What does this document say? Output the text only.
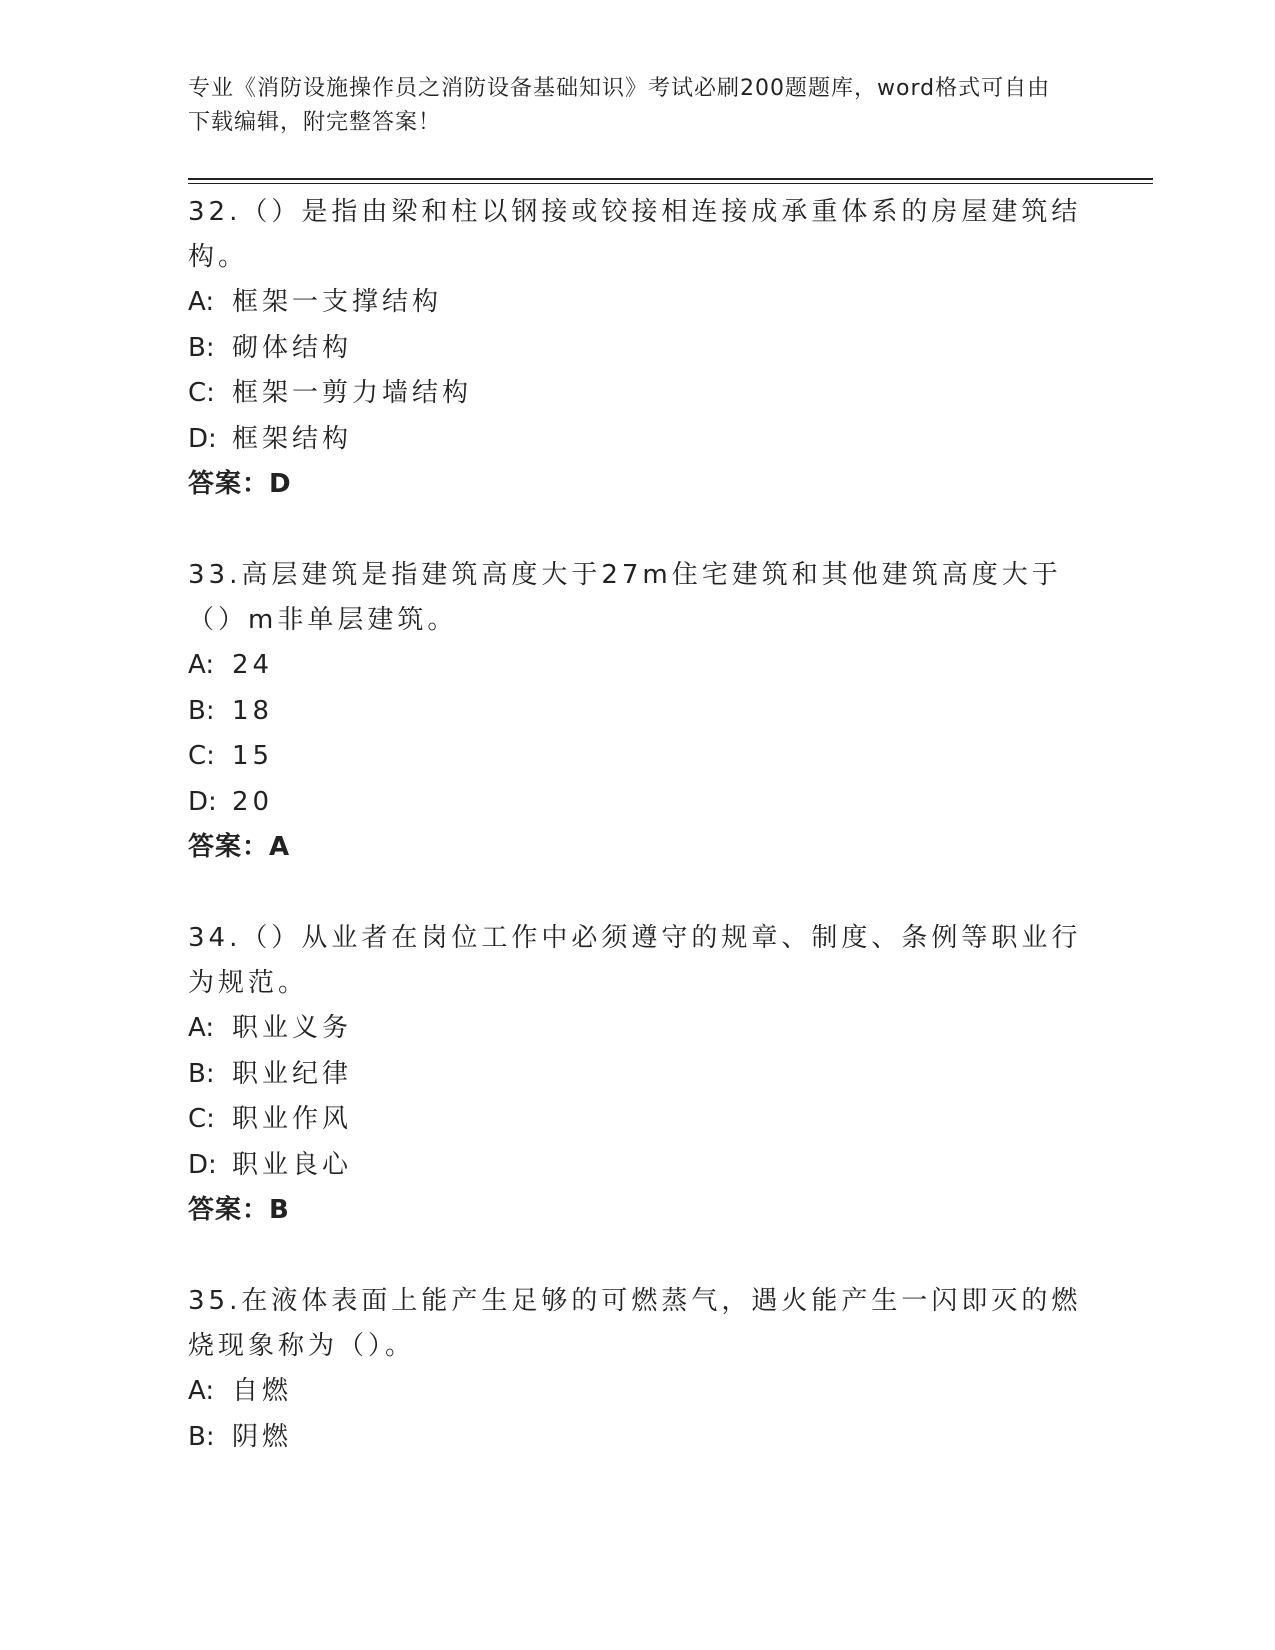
专业《消防设施操作员之消防设备基础知识》考试必刷200题题库，word格式可自由下载编辑，附完整答案！

32.（）是指由梁和柱以钢接或铰接相连接成承重体系的房屋建筑结构。

A: 框架一支撑结构

B: 砌体结构

C: 框架一剪力墙结构

D: 框架结构

答案：D

33.高层建筑是指建筑高度大于27m住宅建筑和其他建筑高度大于（）m非单层建筑。

A: 24

B: 18

C: 15

D: 20

答案：A

34.（）从业者在岗位工作中必须遵守的规章、制度、条例等职业行为规范。

A: 职业义务

B: 职业纪律

C: 职业作风

D: 职业良心

答案：B

35.在液体表面上能产生足够的可燃蒸气，遇火能产生一闪即灭的燃烧现象称为（）。

A: 自燃

B: 阴燃
